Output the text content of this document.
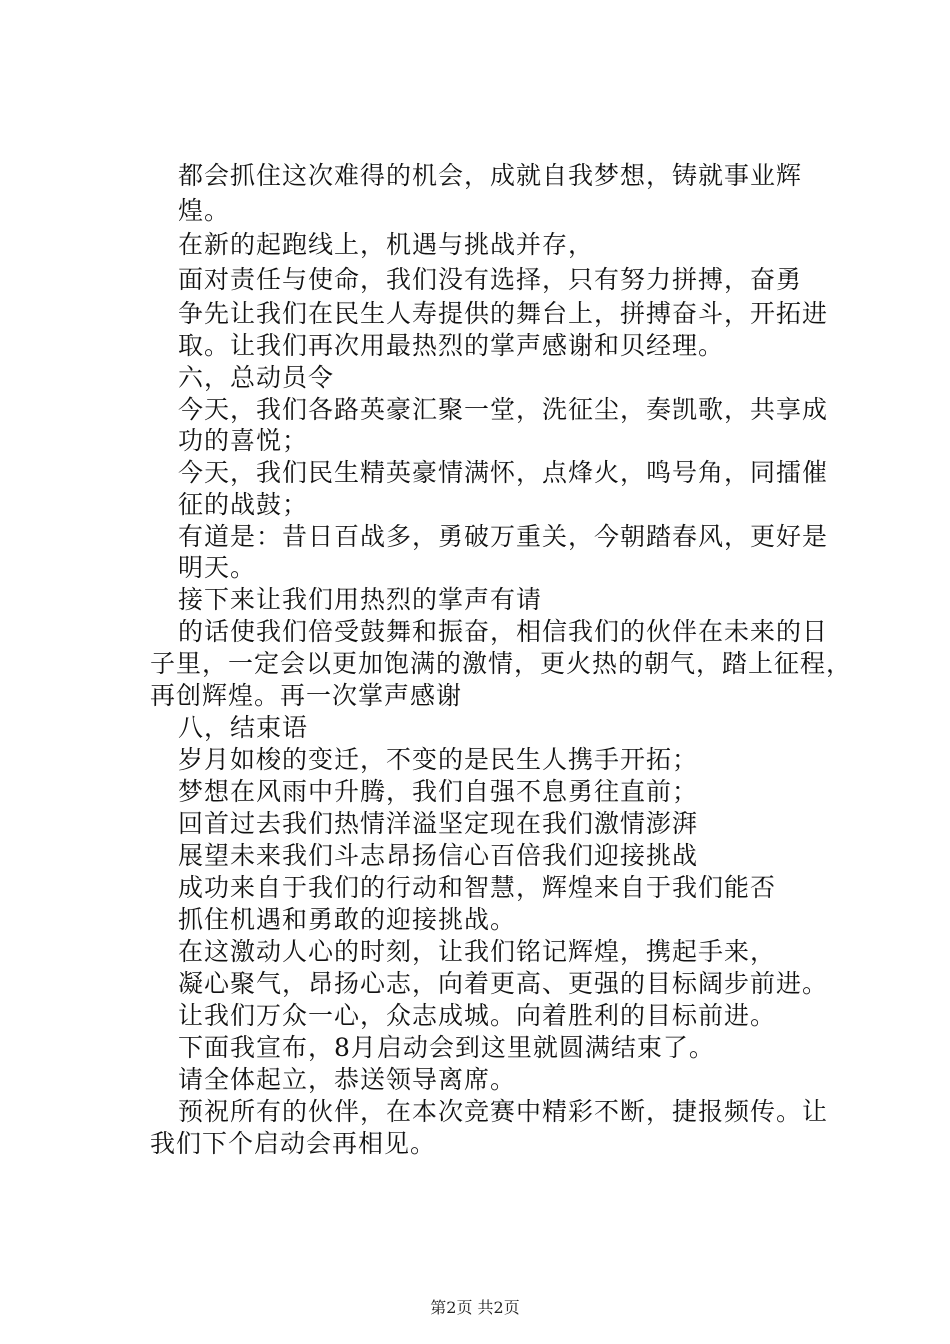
都会抓住这次难得的机会，成就自我梦想，铸就事业辉
煌。
在新的起跑线上，机遇与挑战并存，
面对责任与使命，我们没有选择，只有努力拼搏，奋勇
争先让我们在民生人寿提供的舞台上，拼搏奋斗，开拓进
取。让我们再次用最热烈的掌声感谢和贝经理。
六，总动员令
今天，我们各路英豪汇聚一堂，洗征尘，奏凯歌，共享成
功的喜悦；
今天，我们民生精英豪情满怀，点烽火，鸣号角，同擂催
征的战鼓；
有道是：昔日百战多，勇破万重关，今朝踏春风，更好是
明天。
接下来让我们用热烈的掌声有请
的话使我们倍受鼓舞和振奋，相信我们的伙伴在未来的日
子里，一定会以更加饱满的激情，更火热的朝气，踏上征程，
再创辉煌。再一次掌声感谢
八，结束语
岁月如梭的变迁，不变的是民生人携手开拓；
梦想在风雨中升腾，我们自强不息勇往直前；
回首过去我们热情洋溢坚定现在我们激情澎湃
展望未来我们斗志昂扬信心百倍我们迎接挑战
成功来自于我们的行动和智慧，辉煌来自于我们能否
抓住机遇和勇敢的迎接挑战。
在这激动人心的时刻，让我们铭记辉煌，携起手来，
凝心聚气，昂扬心志，向着更高、更强的目标阔步前进。
让我们万众一心，众志成城。向着胜利的目标前进。
下面我宣布，8月启动会到这里就圆满结束了。
请全体起立，恭送领导离席。
预祝所有的伙伴，在本次竞赛中精彩不断，捷报频传。让
我们下个启动会再相见。
第2页 共2页
